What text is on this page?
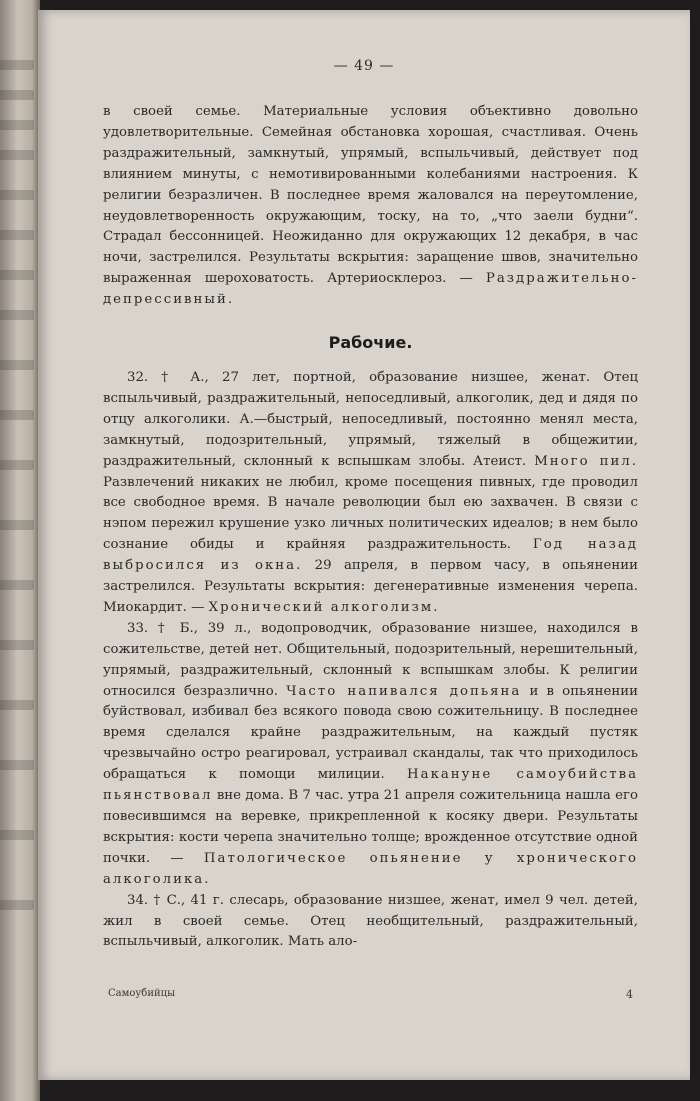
— 49 —

в своей семье. Материальные условия объективно довольно удовлетворительные. Семейная обстановка хорошая, счастливая. Очень раздражительный, замкнутый, упрямый, вспыльчивый, действует под влиянием минуты, с немотивированными колебаниями настроения. К религии безразличен. В последнее время жаловался на переутомление, неудовлетворенность окружающим, тоску, на то, „что заели будни“. Страдал бессонницей. Неожиданно для окружающих 12 декабря, в час ночи, застрелился. Результаты вскрытия: заращение швов, значительно выраженная шероховатость. Артериосклероз. — Раздражительно-депрессивный.

Рабочие.

32. † А., 27 лет, портной, образование низшее, женат. Отец вспыльчивый, раздражительный, непоседливый, алкоголик, дед и дядя по отцу алкоголики. А.—быстрый, непоседливый, постоянно менял места, замкнутый, подозрительный, упрямый, тяжелый в общежитии, раздражительный, склонный к вспышкам злобы. Атеист. Много пил. Развлечений никаких не любил, кроме посещения пивных, где проводил все свободное время. В начале революции был ею захвачен. В связи с нэпом пережил крушение узко личных политических идеалов; в нем было сознание обиды и крайняя раздражительность. Год назад выбросился из окна. 29 апреля, в первом часу, в опьянении застрелился. Результаты вскрытия: дегенеративные изменения черепа. Миокардит. — Хронический алкоголизм.

33. † Б., 39 л., водопроводчик, образование низшее, находился в сожительстве, детей нет. Общительный, подозрительный, нерешительный, упрямый, раздражительный, склонный к вспышкам злобы. К религии относился безразлично. Часто напивался допьяна и в опьянении буйствовал, избивал без всякого повода свою сожительницу. В последнее время сделался крайне раздражительным, на каждый пустяк чрезвычайно остро реагировал, устраивал скандалы, так что приходилось обращаться к помощи милиции. Накануне самоубийства пьянствовал вне дома. В 7 час. утра 21 апреля сожительница нашла его повесившимся на веревке, прикрепленной к косяку двери. Результаты вскрытия: кости черепа значительно толще; врожденное отсутствие одной почки. — Патологическое опьянение у хронического алкоголика.

34. † С., 41 г. слесарь, образование низшее, женат, имел 9 чел. детей, жил в своей семье. Отец необщительный, раздражительный, вспыльчивый, алкоголик. Мать ало-

Самоубийцы	4
